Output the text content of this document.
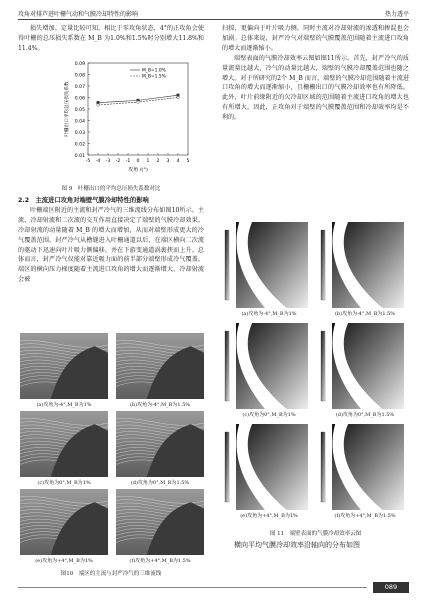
攻角对排芦进叶栅气动和气膜冷却特性的影响	热力透平

损失增加。定量比较可知，相比于零攻角状态，4°的正攻角会使得叶栅的总压损失系数在 M_B 为1.0%和1.5%时分别增大11.8%和11.4%。

0.01
0.02
0.03
0.04
0.05
0.06
0.07
0.08
0.09
-5 -4 -3 -2 -1 0 1 2 3 4 5
叶栅出口平均总压损失系数
攻角 /(°)
M_B=1.0%
M_B=1.5%
图 9　叶栅出口的平均总压损失系数对比
2.2　主流进口攻角对端壁气膜冷却特性的影响

叶栅端区附近的主流和封严冷气的三维流线分布如图10所示。主流、冷却射流和二次流的交互作用直接决定了端壁的气膜冷却效果。冷却射流的动量随着 M_B 的增大而增加，从而对端壁形成更大的冷气覆盖范围。封严冷气从槽缝进入叶栅通道以后，在端区横向二次流的驱动下迅速向叶片吸力侧偏移，并在下游变通道涡裹挟而上升。总体而言，封严冷气仅能对靠近吸力面的前半部分端壁形成冷气覆盖。端区的横向压力梯度随着主流进口攻角的增大而逐渐增大，冷却射流会被

(a)攻角为-4°,M_B为1%	(b)攻角为-4°,M_B为1.5%
(c)攻角为0°,M_B为1%	(d)攻角为0°,M_B为1.5%
(e)攻角为+4°,M_B为1%	(f)攻角为+4°,M_B为1.5%
图10　端区的主流与封严冷气的三维流线

扫掠，更偏向于叶片吸力侧，同时主流对冷却射流的渗透和掺混也会加剧。总体来说，封严冷气对端壁的气膜覆盖范围随着主流进口攻角的增大而逐渐缩小。

端壁表面的气膜冷却效率云图如图11所示。首先，封严冷气的质量流量比越大，冷气的动量比越大，端壁的气膜冷却覆盖范围也随之增大。对于所研究的2个 M_B 而言，端壁的气膜冷却范围随着主流进口攻角的增大而逐渐缩小，且栅栅出口的气膜冷却效率也有所降低。此外，叶片前缘附近的欠冷却区域的范围随着主流进口攻角的增大也有所增大。因此，正攻角对于端壁的气膜覆盖范围和冷却效率均是不利的。

(a)攻角为-4°,M_B为1%	(b)攻角为-4°,M_B为1.5%
(c)攻角为0°,M_B为1%	(d)攻角为0°,M_B为1.5%
(e)攻角为+4°,M_B为1%	(f)攻角为+4°,M_B为1.5%
图 11　端壁表面的气膜冷却效率云图

横向平均气膜冷却效率沿轴向的分布如图

089
